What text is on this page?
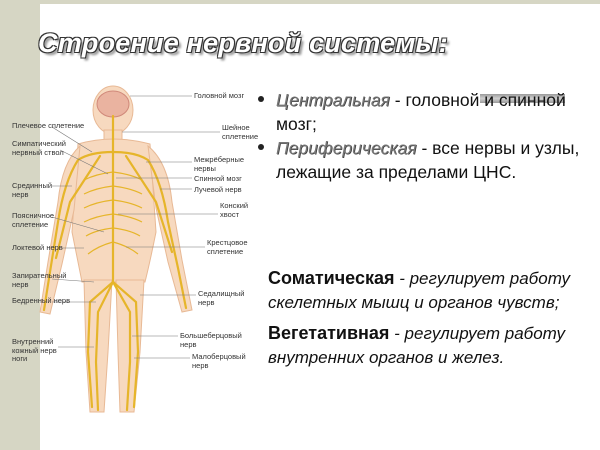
Строение нервной системы:
Плечевое сплетение
Симпатический нервный ствол
Срединный нерв
Поясничное сплетение
Локтевой нерв
Запирательный нерв
Бедренный нерв
Внутренний кожный нерв ноги
Головной мозг
Шейное сплетение
Межрёберные нервы
Спинной мозг
Лучевой нерв
Конский хвост
Крестцовое сплетение
Седалищный нерв
Большеберцовый нерв
Малоберцовый нерв
Центральная - головной и спинной мозг;
Периферическая - все нервы и узлы, лежащие за пределами ЦНС.

Соматическая - регулирует работу скелетных мышц и органов чувств;

Вегетативная - регулирует работу внутренних органов и желез.
